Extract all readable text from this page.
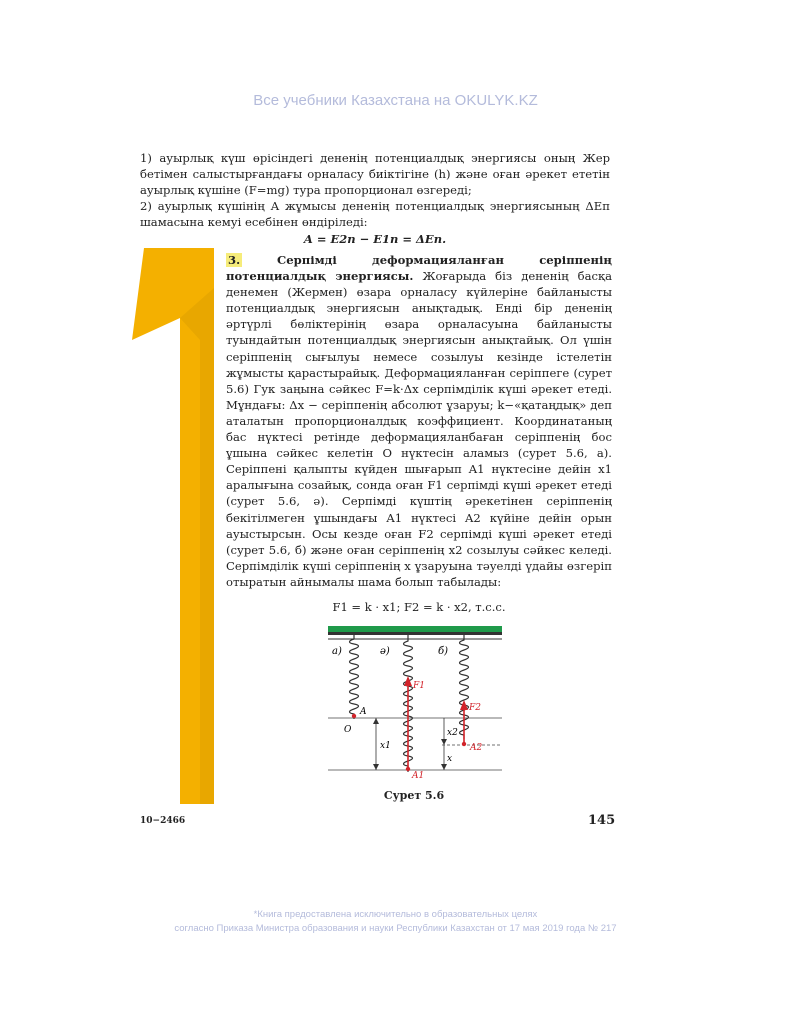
Все учебники Казахстана на OKULYK.KZ

1) ауырлық күш өрісіндегі дененің потенциалдық энергиясы оның Жер бетімен салыстырғандағы орналасу биіктігіне (h) және оған әрекет ететін ауырлық күшіне (F=mg) тура пропорционал өзгереді;

2) ауырлық күшінің A жұмысы дененің потенциалдық энергиясының ΔEп шамасына кемуі есебінен өндіріледі:

A = E2п − E1п = ΔEп.

3.	Серпімді деформацияланған серіппенің потенциалдық энергиясы. Жоғарыда біз дененің басқа денемен (Жермен) өзара орналасу күйлеріне байланысты потенциалдық энергиясын анықтадық. Енді бір дененің әртүрлі бөліктерінің өзара орналасуына байланысты туындайтын потенциалдық энергиясын анықтайық. Ол үшін серіппенің сығылуы немесе созылуы кезінде істелетін жұмысты қарастырайық. Деформацияланған серіппеге (сурет 5.6) Гук заңына сәйкес F=k·Δx серпімділік күші әрекет етеді. Мұндағы: Δx − серіппенің абсолют ұзаруы; k−«қатаңдық» деп аталатын пропорционалдық коэффициент. Координатаның бас нүктесі ретінде деформацияланбаған серіппенің бос ұшына сәйкес келетін O нүктесін аламыз (сурет 5.6, а). Серіппені қалыпты күйден шығарып A1 нүктесіне дейін x1 аралығына созайық, сонда оған F1 серпімді күші әрекет етеді (сурет 5.6, ә). Серпімді күштің әрекетінен серіппенің бекітілмеген ұшындағы A1 нүктесі A2 күйіне дейін орын ауыстырсын. Осы кезде оған F2 серпімді күші әрекет етеді (сурет 5.6, б) және оған серіппенің x2 созылуы сәйкес келеді. Серпімділік күші серіппенің x ұзаруына тәуелді үдайы өзгеріп отыратын айнымалы шама болып табылады:

F1 = k · x1; F2 = k · x2, т.с.с.
а)	ә)	б)
F1
F2
A
O
x1
x2
x
A1
A2
Сурет 5.6
10−2466	145
*Книга предоставлена исключительно в образовательных целях
согласно Приказа Министра образования и науки Республики Казахстан от 17 мая 2019 года № 217
